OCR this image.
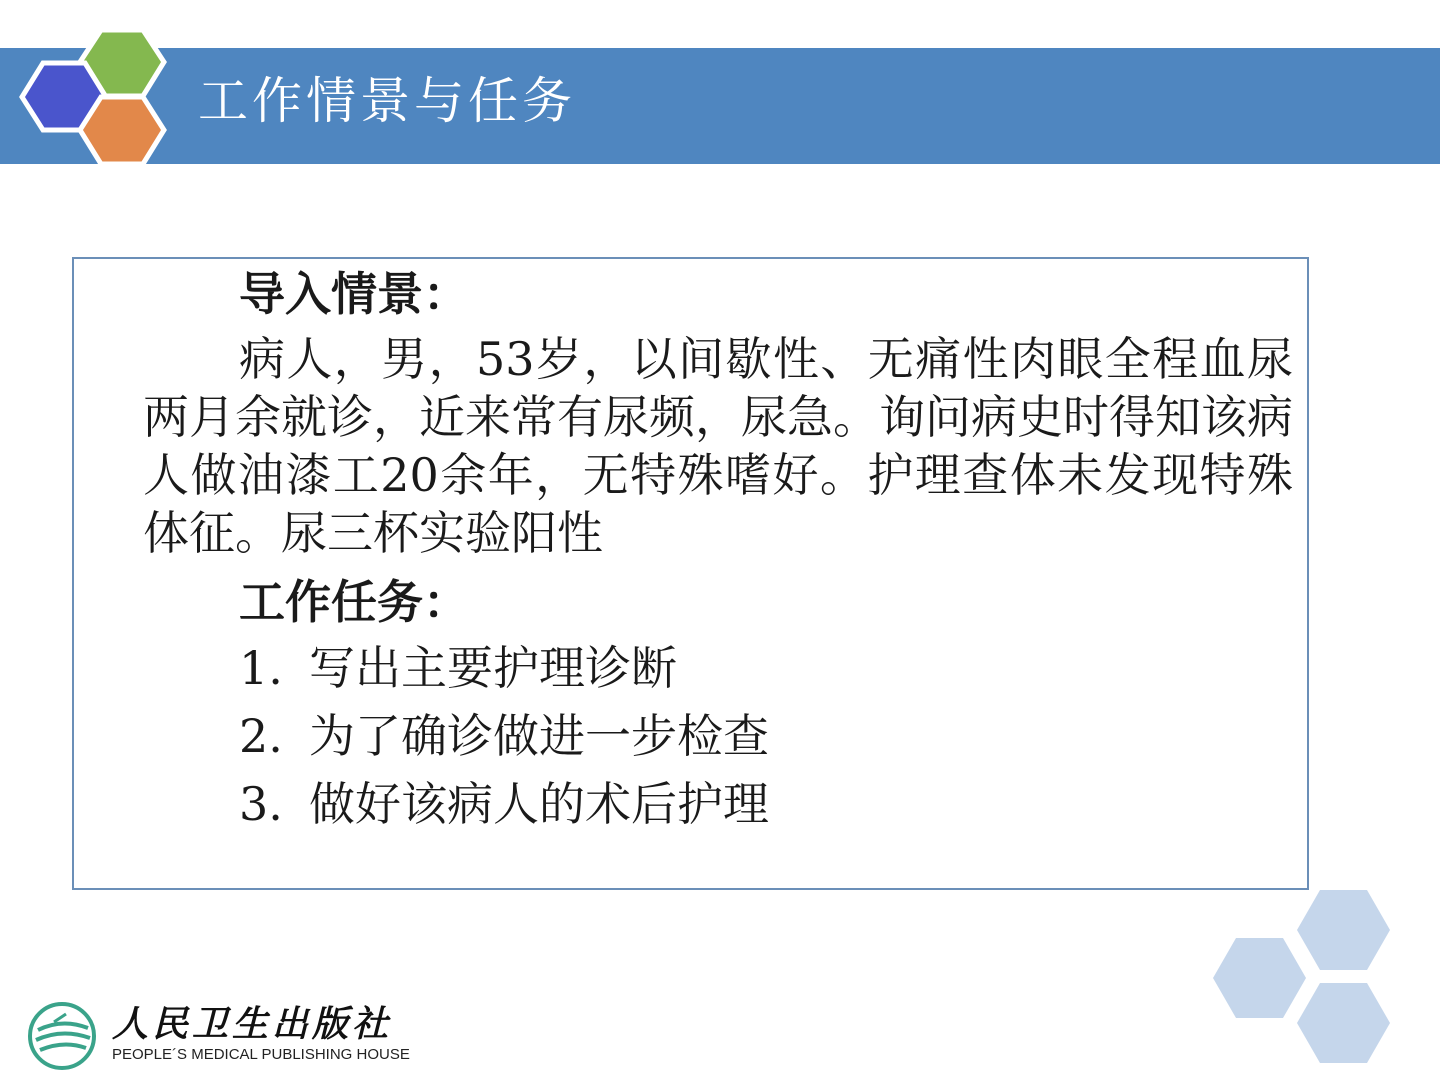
工作情景与任务

导入情景：

病人，男，53岁，以间歇性、无痛性肉眼全程血尿两月余就诊，近来常有尿频，尿急。询问病史时得知该病人做油漆工20余年，无特殊嗜好。护理查体未发现特殊体征。尿三杯实验阳性

工作任务：

1. 写出主要护理诊断

2. 为了确诊做进一步检查

3. 做好该病人的术后护理

人民卫生出版社
PEOPLE´S MEDICAL PUBLISHING HOUSE
